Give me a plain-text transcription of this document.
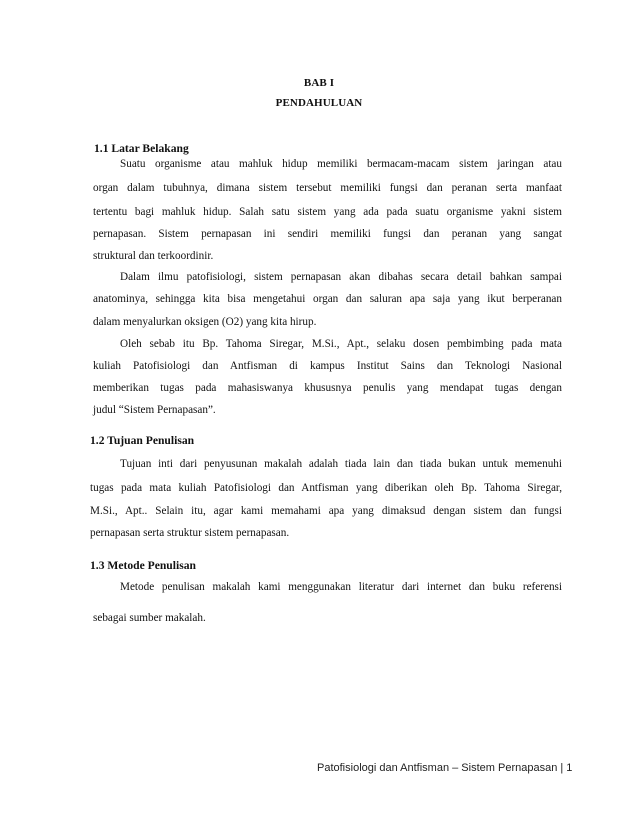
BAB I
PENDAHULUAN
1.1 Latar Belakang
Suatu organisme atau mahluk hidup memiliki bermacam-macam sistem jaringan atau
organ dalam tubuhnya, dimana sistem tersebut memiliki fungsi dan peranan serta manfaat
tertentu bagi mahluk hidup. Salah satu sistem yang ada pada suatu organisme yakni sistem
pernapasan. Sistem pernapasan ini sendiri memiliki fungsi dan peranan yang sangat
struktural dan terkoordinir.
Dalam ilmu patofisiologi, sistem pernapasan akan dibahas secara detail bahkan sampai
anatominya, sehingga kita bisa mengetahui organ dan saluran apa saja yang ikut berperanan
dalam menyalurkan oksigen (O2) yang kita hirup.
Oleh sebab itu Bp. Tahoma Siregar, M.Si., Apt., selaku dosen pembimbing pada mata
kuliah Patofisiologi dan Antfisman di kampus Institut Sains dan Teknologi Nasional
memberikan tugas pada mahasiswanya khususnya penulis yang mendapat tugas dengan
judul “Sistem Pernapasan”.
1.2 Tujuan Penulisan
Tujuan inti dari penyusunan makalah adalah tiada lain dan tiada bukan untuk memenuhi
tugas pada mata kuliah Patofisiologi dan Antfisman yang diberikan oleh Bp. Tahoma Siregar,
M.Si., Apt.. Selain itu, agar kami memahami apa yang dimaksud dengan sistem dan fungsi
pernapasan serta struktur sistem pernapasan.
1.3 Metode Penulisan
Metode penulisan makalah kami menggunakan literatur dari internet dan buku referensi
sebagai sumber makalah.
Patofisiologi dan Antfisman – Sistem Pernapasan | 1
